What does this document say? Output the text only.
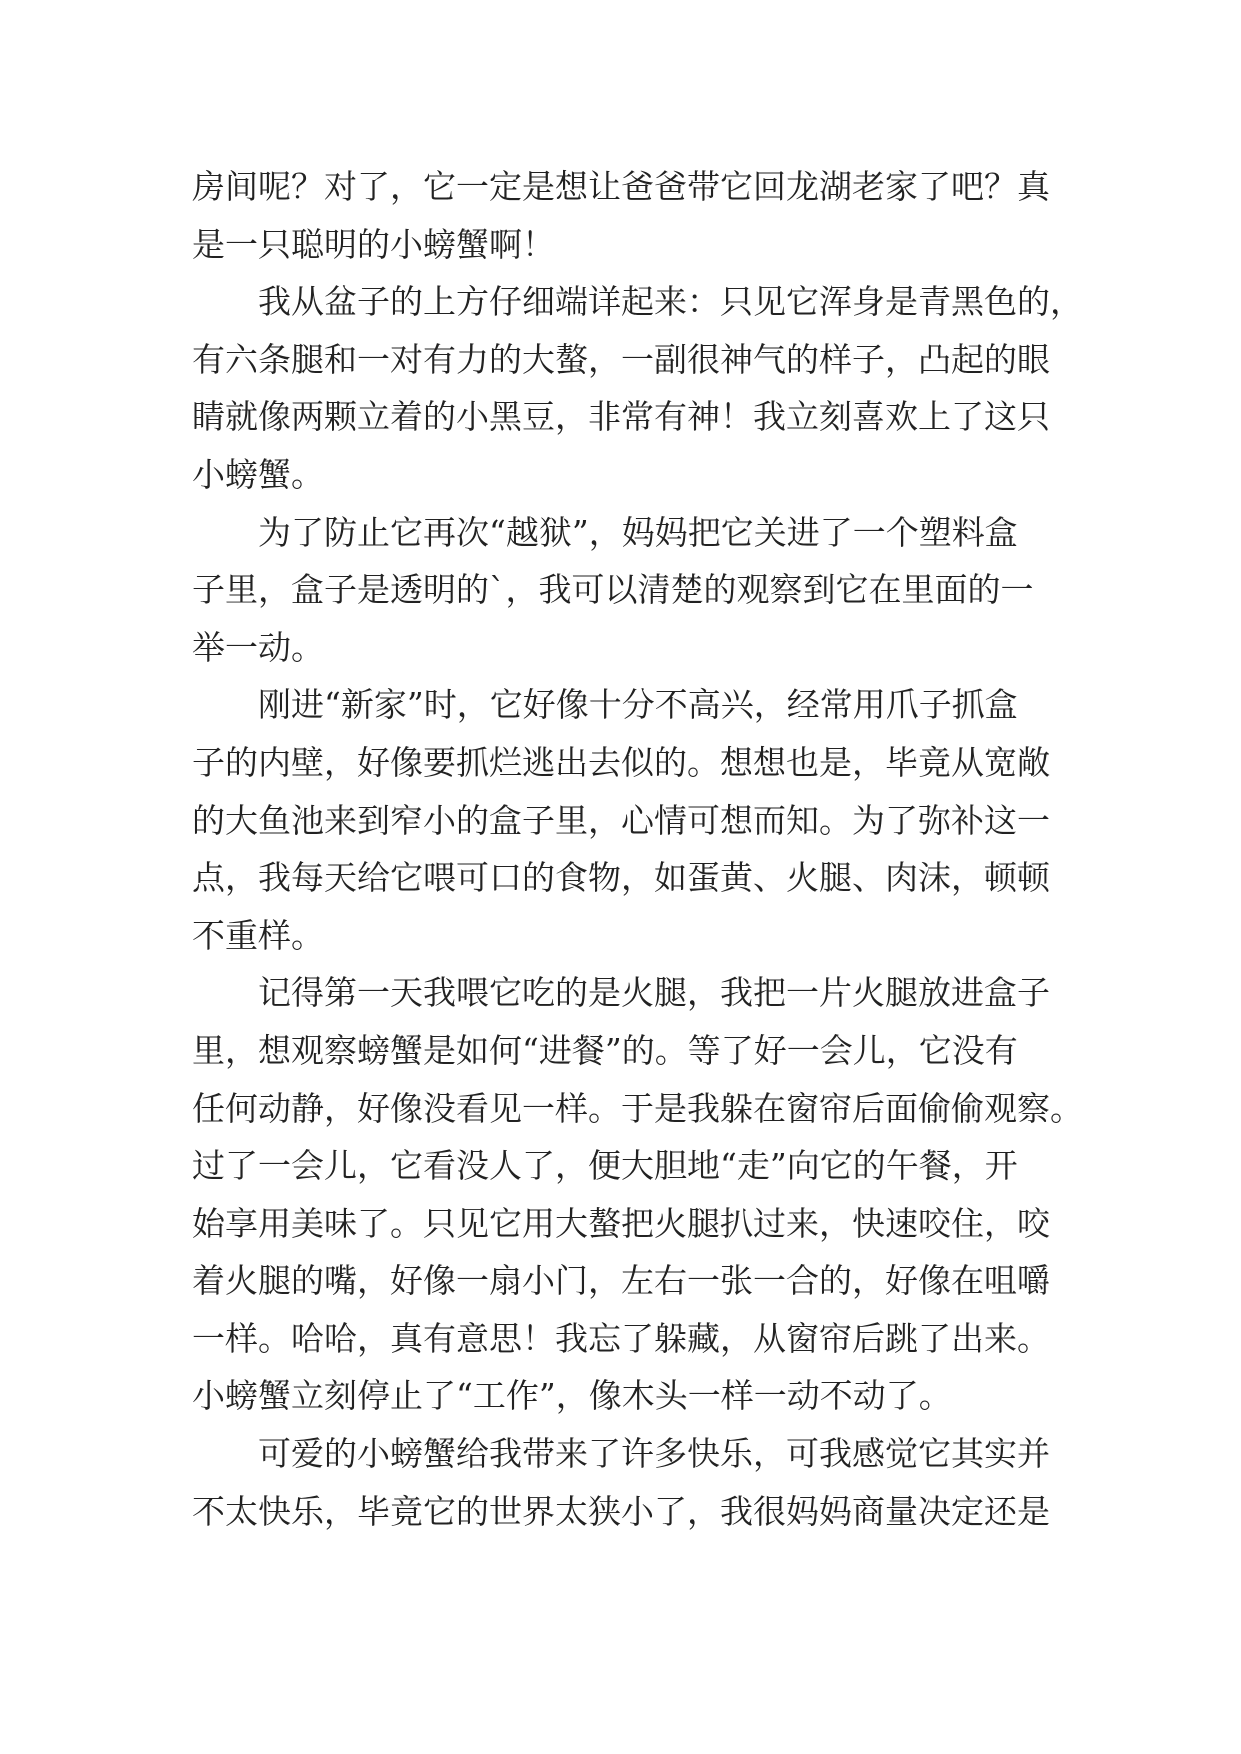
房间呢？对了，它一定是想让爸爸带它回龙湖老家了吧？真
是一只聪明的小螃蟹啊！
我从盆子的上方仔细端详起来：只见它浑身是青黑色的，
有六条腿和一对有力的大螯，一副很神气的样子，凸起的眼
睛就像两颗立着的小黑豆，非常有神！我立刻喜欢上了这只
小螃蟹。
为了防止它再次“越狱”，妈妈把它关进了一个塑料盒
子里，盒子是透明的`，我可以清楚的观察到它在里面的一
举一动。
刚进“新家”时，它好像十分不高兴，经常用爪子抓盒
子的内壁，好像要抓烂逃出去似的。想想也是，毕竟从宽敞
的大鱼池来到窄小的盒子里，心情可想而知。为了弥补这一
点，我每天给它喂可口的食物，如蛋黄、火腿、肉沫，顿顿
不重样。
记得第一天我喂它吃的是火腿，我把一片火腿放进盒子
里，想观察螃蟹是如何“进餐”的。等了好一会儿，它没有
任何动静，好像没看见一样。于是我躲在窗帘后面偷偷观察。
过了一会儿，它看没人了，便大胆地“走”向它的午餐，开
始享用美味了。只见它用大螯把火腿扒过来，快速咬住，咬
着火腿的嘴，好像一扇小门，左右一张一合的，好像在咀嚼
一样。哈哈，真有意思！我忘了躲藏，从窗帘后跳了出来。
小螃蟹立刻停止了“工作”，像木头一样一动不动了。
可爱的小螃蟹给我带来了许多快乐，可我感觉它其实并
不太快乐，毕竟它的世界太狭小了，我很妈妈商量决定还是
